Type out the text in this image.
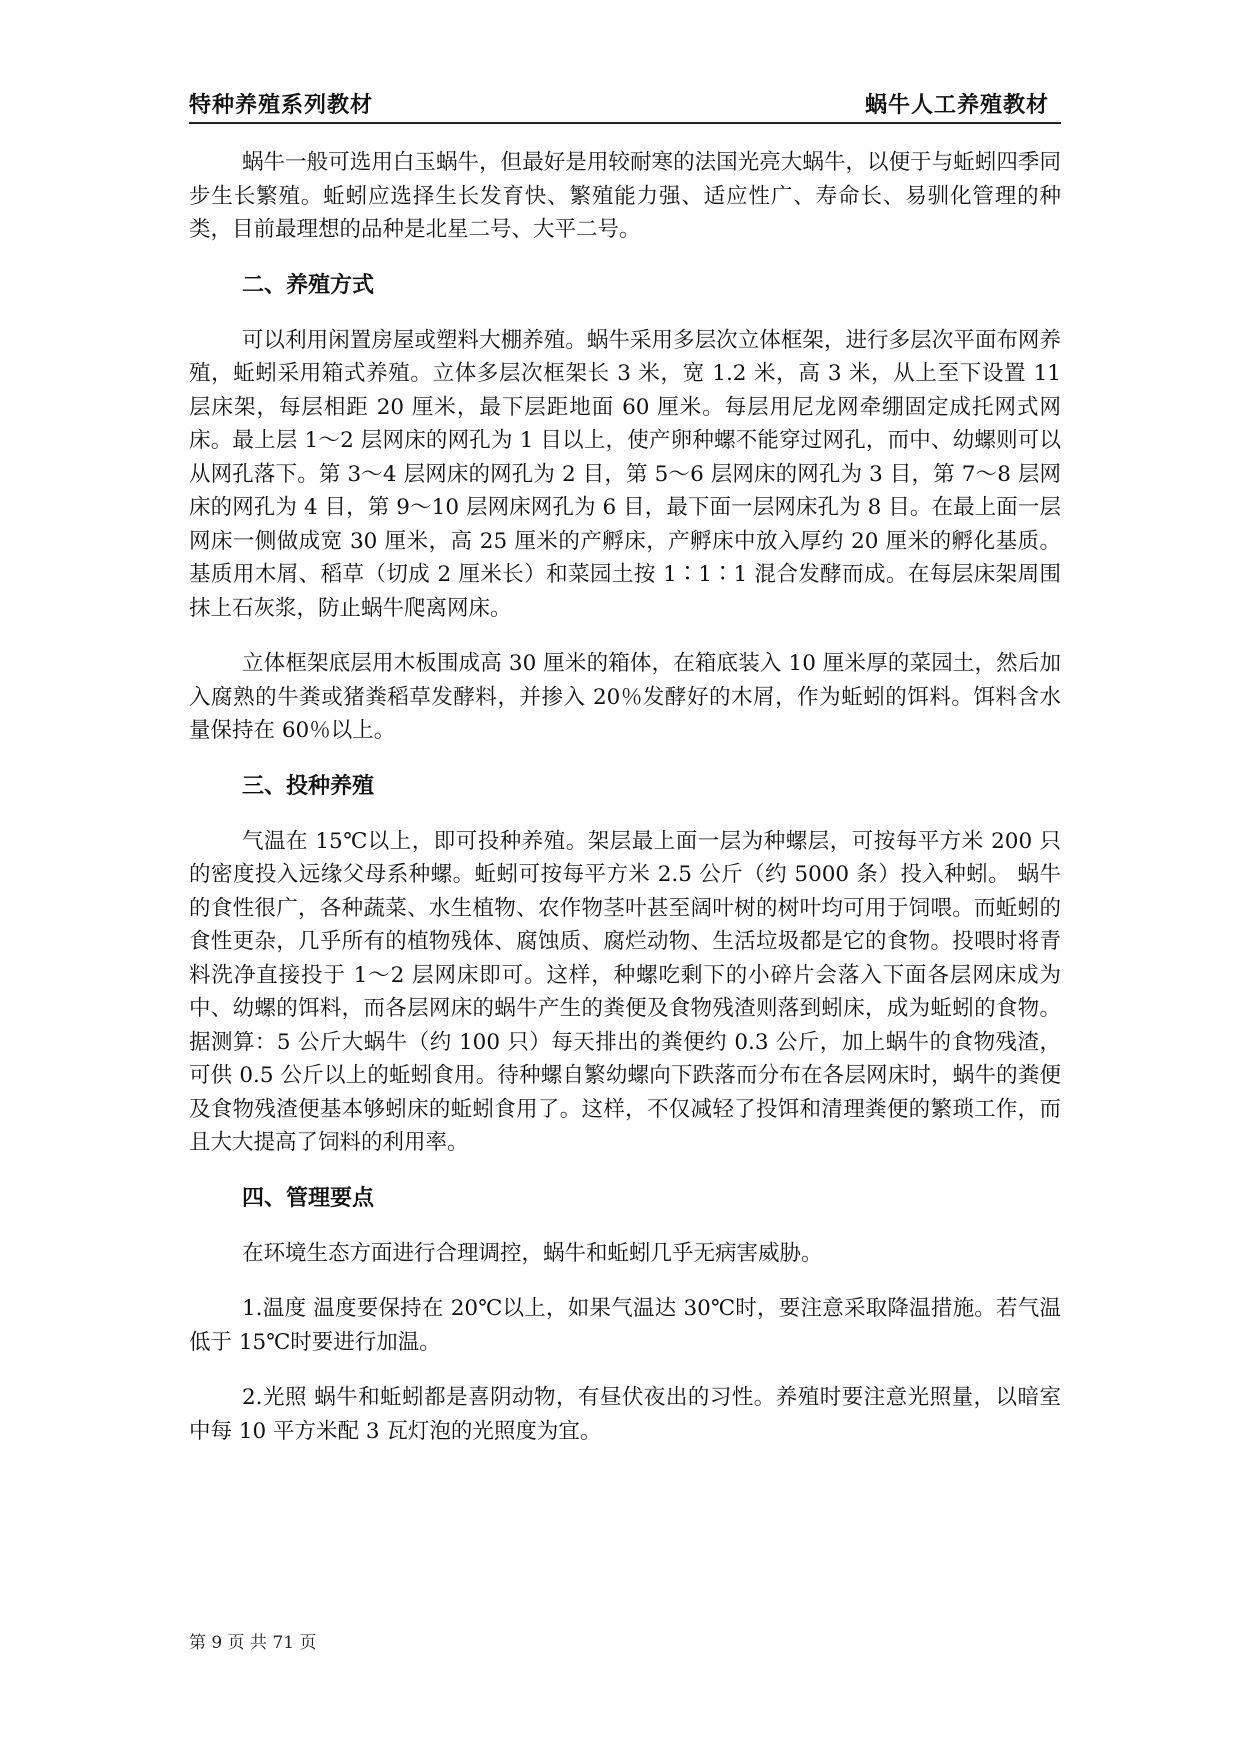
特种养殖系列教材	蜗牛人工养殖教材

蜗牛一般可选用白玉蜗牛，但最好是用较耐寒的法国光亮大蜗牛，以便于与蚯蚓四季同步生长繁殖。蚯蚓应选择生长发育快、繁殖能力强、适应性广、寿命长、易驯化管理的种类，目前最理想的品种是北星二号、大平二号。

二、养殖方式

可以利用闲置房屋或塑料大棚养殖。蜗牛采用多层次立体框架，进行多层次平面布网养殖，蚯蚓采用箱式养殖。立体多层次框架长 3 米，宽 1.2 米，高 3 米，从上至下设置 11 层床架，每层相距 20 厘米，最下层距地面 60 厘米。每层用尼龙网牵绷固定成托网式网床。最上层 1～2 层网床的网孔为 1 目以上，使产卵种螺不能穿过网孔，而中、幼螺则可以从网孔落下。第 3～4 层网床的网孔为 2 目，第 5～6 层网床的网孔为 3 目，第 7～8 层网床的网孔为 4 目，第 9～10 层网床网孔为 6 目，最下面一层网床孔为 8 目。在最上面一层网床一侧做成宽 30 厘米，高 25 厘米的产孵床，产孵床中放入厚约 20 厘米的孵化基质。基质用木屑、稻草（切成 2 厘米长）和菜园土按 1∶1∶1 混合发酵而成。在每层床架周围抹上石灰浆，防止蜗牛爬离网床。

立体框架底层用木板围成高 30 厘米的箱体，在箱底装入 10 厘米厚的菜园土，然后加入腐熟的牛粪或猪粪稻草发酵料，并掺入 20％发酵好的木屑，作为蚯蚓的饵料。饵料含水量保持在 60％以上。

三、投种养殖

气温在 15℃以上，即可投种养殖。架层最上面一层为种螺层，可按每平方米 200 只的密度投入远缘父母系种螺。蚯蚓可按每平方米 2.5 公斤（约 5000 条）投入种蚓。 蜗牛的食性很广，各种蔬菜、水生植物、农作物茎叶甚至阔叶树的树叶均可用于饲喂。而蚯蚓的食性更杂，几乎所有的植物残体、腐蚀质、腐烂动物、生活垃圾都是它的食物。投喂时将青料洗净直接投于 1～2 层网床即可。这样，种螺吃剩下的小碎片会落入下面各层网床成为中、幼螺的饵料，而各层网床的蜗牛产生的粪便及食物残渣则落到蚓床，成为蚯蚓的食物。据测算：5 公斤大蜗牛（约 100 只）每天排出的粪便约 0.3 公斤，加上蜗牛的食物残渣，可供 0.5 公斤以上的蚯蚓食用。待种螺自繁幼螺向下跌落而分布在各层网床时，蜗牛的粪便及食物残渣便基本够蚓床的蚯蚓食用了。这样，不仅减轻了投饵和清理粪便的繁琐工作，而且大大提高了饲料的利用率。

四、管理要点

在环境生态方面进行合理调控，蜗牛和蚯蚓几乎无病害威胁。

1.温度 温度要保持在 20℃以上，如果气温达 30℃时，要注意采取降温措施。若气温低于 15℃时要进行加温。

2.光照 蜗牛和蚯蚓都是喜阴动物，有昼伏夜出的习性。养殖时要注意光照量，以暗室中每 10 平方米配 3 瓦灯泡的光照度为宜。

第 9 页 共 71 页
